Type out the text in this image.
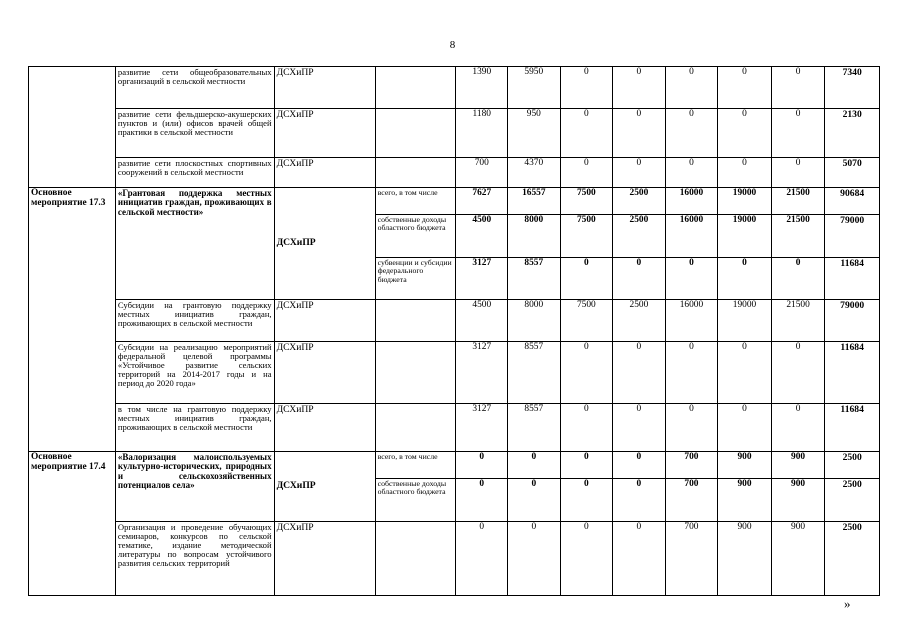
8
	развитие сети общеобразовательных организаций в сельской местности	ДСХиПР		1390	5950	0	0	0	0	0	7340
	развитие сети фельдшерско-акушерских пунктов и (или) офисов врачей общей практики в сельской местности	ДСХиПР		1180	950	0	0	0	0	0	2130
	развитие сети плоскостных спортивных сооружений в сельской местности	ДСХиПР		700	4370	0	0	0	0	0	5070
Основное мероприятие 17.3	«Грантовая поддержка местных инициатив граждан, проживающих в сельской местности»	ДСХиПР	всего, в том числе	7627	16557	7500	2500	16000	19000	21500	90684
			собственные доходы областного бюджета	4500	8000	7500	2500	16000	19000	21500	79000
			субвенции и субсидии федерального бюджета	3127	8557	0	0	0	0	0	11684
	Субсидии на грантовую поддержку местных инициатив граждан, проживающих в сельской местности	ДСХиПР		4500	8000	7500	2500	16000	19000	21500	79000
	Субсидии на реализацию мероприятий федеральной целевой программы «Устойчивое развитие сельских территорий на 2014-2017 годы и на период до 2020 года»	ДСХиПР		3127	8557	0	0	0	0	0	11684
	в том числе на грантовую поддержку местных инициатив граждан, проживающих в сельской местности	ДСХиПР		3127	8557	0	0	0	0	0	11684
Основное мероприятие 17.4	«Валоризация малоиспользуемых культурно-исторических, природных и сельскохозяйственных потенциалов села»	ДСХиПР	всего, в том числе	0	0	0	0	700	900	900	2500
			собственные доходы областного бюджета	0	0	0	0	700	900	900	2500
	Организация и проведение обучающих семинаров, конкурсов по сельской тематике, издание методической литературы по вопросам устойчивого развития сельских территорий	ДСХиПР		0	0	0	0	700	900	900	2500
»
